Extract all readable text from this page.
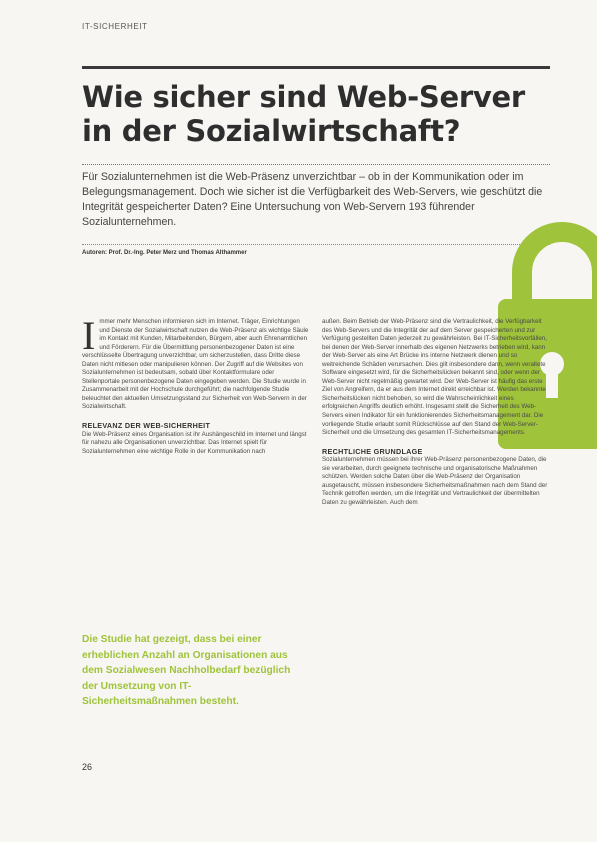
IT-SICHERHEIT
Wie sicher sind Web-Server in der Sozialwirtschaft?

Für Sozialunternehmen ist die Web-Präsenz unverzichtbar – ob in der Kommunikation oder im Belegungsmanagement. Doch wie sicher ist die Verfügbarkeit des Web-Servers, wie geschützt die Integrität gespeicherter Daten? Eine Untersuchung von Web-Servern 193 führender Sozialunternehmen.

Autoren: Prof. Dr.-Ing. Peter Merz und Thomas Althammer

Immer mehr Menschen informieren sich im Internet. Träger, Einrichtungen und Dienste der Sozialwirtschaft nutzen die Web-Präsenz als wichtige Säule im Kontakt mit Kunden, Mitarbeitenden, Bürgern, aber auch Ehrenamtlichen und Förderern. Für die Übermittlung personenbezogener Daten ist eine verschlüsselte Übertragung unverzichtbar, um sicherzustellen, dass Dritte diese Daten nicht mitlesen oder manipulieren können. Der Zugriff auf die Websites von Sozialunternehmen ist bedeutsam, sobald über Kontaktformulare oder Stellenportale personenbezogene Daten eingegeben werden. Die Studie wurde in Zusammenarbeit mit der Hochschule durchgeführt; die nachfolgende Studie beleuchtet den aktuellen Umsetzungsstand zur Sicherheit von Web-Servern in der Sozialwirtschaft.

RELEVANZ DER WEB-SICHERHEIT

Die Web-Präsenz eines Organisation ist ihr Aushängeschild im Internet und längst für nahezu alle Organisationen unverzichtbar. Das Internet spielt für Sozialunternehmen eine wichtige Rolle in der Kommunikation nach

Die Studie hat gezeigt, dass bei einer erheblichen Anzahl an Organisationen aus dem Sozialwesen Nachholbedarf bezüglich der Umsetzung von IT-Sicherheitsmaßnahmen besteht.

außen. Beim Betrieb der Web-Präsenz sind die Vertraulichkeit, die Verfügbarkeit des Web-Servers und die Integrität der auf dem Server gespeicherten und zur Verfügung gestellten Daten jederzeit zu gewährleisten. Bei IT-Sicherheitsvorfällen, bei denen der Web-Server innerhalb des eigenen Netzwerks betrieben wird, kann der Web-Server als eine Art Brücke ins interne Netzwerk dienen und so weitreichende Schäden verursachen. Dies gilt insbesondere dann, wenn veraltete Software eingesetzt wird, für die Sicherheitslücken bekannt sind, oder wenn der Web-Server nicht regelmäßig gewartet wird. Der Web-Server ist häufig das erste Ziel von Angreifern, da er aus dem Internet direkt erreichbar ist. Werden bekannte Sicherheitslücken nicht behoben, so wird die Wahrscheinlichkeit eines erfolgreichen Angriffs deutlich erhöht. Insgesamt stellt die Sicherheit des Web-Servers einen Indikator für ein funktionierendes Sicherheitsmanagement dar. Die vorliegende Studie erlaubt somit Rückschlüsse auf den Stand der Web-Server-Sicherheit und die Umsetzung des gesamten IT-Sicherheitsmanagements.

RECHTLICHE GRUNDLAGE

Sozialunternehmen müssen bei ihrer Web-Präsenz personenbezogene Daten, die sie verarbeiten, durch geeignete technische und organisatorische Maßnahmen schützen. Werden solche Daten über die Web-Präsenz der Organisation ausgetauscht, müssen insbesondere Sicherheitsmaßnahmen nach dem Stand der Technik getroffen werden, um die Integrität und Vertraulichkeit der übermittelten Daten zu gewährleisten. Auch dem

26
